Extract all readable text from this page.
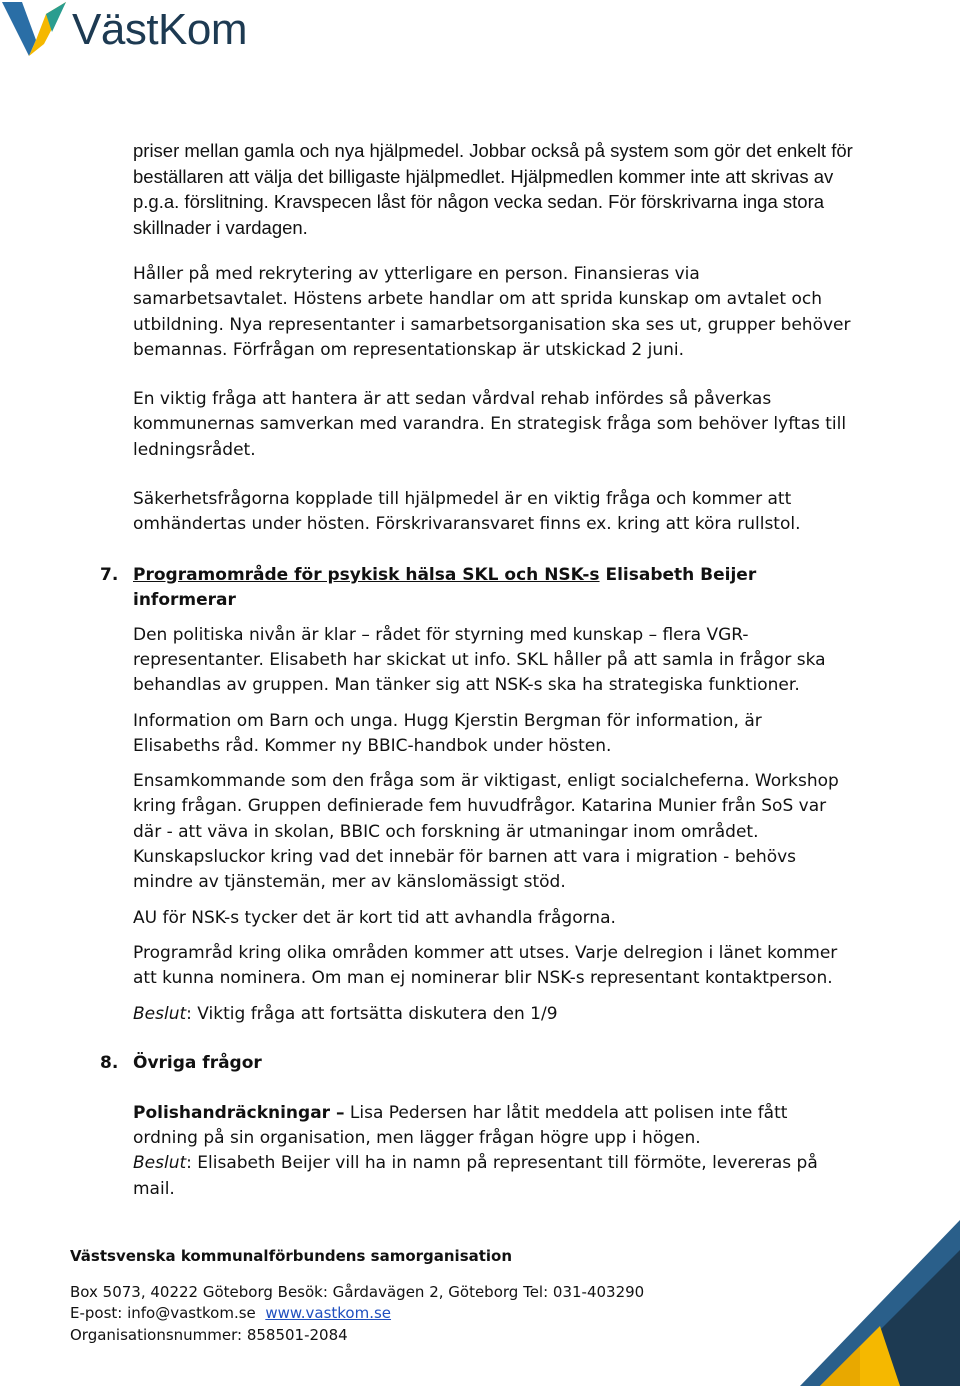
VästKom

priser mellan gamla och nya hjälpmedel. Jobbar också på system som gör det enkelt för beställaren att välja det billigaste hjälpmedlet. Hjälpmedlen kommer inte att skrivas av p.g.a. förslitning. Kravspecen låst för någon vecka sedan. För förskrivarna inga stora skillnader i vardagen.

Håller på med rekrytering av ytterligare en person. Finansieras via samarbetsavtalet. Höstens arbete handlar om att sprida kunskap om avtalet och utbildning. Nya representanter i samarbetsorganisation ska ses ut, grupper behöver bemannas. Förfrågan om representationskap är utskickad 2 juni.

En viktig fråga att hantera är att sedan vårdval rehab infördes så påverkas kommunernas samverkan med varandra. En strategisk fråga som behöver lyftas till ledningsrådet.

Säkerhetsfrågorna kopplade till hjälpmedel är en viktig fråga och kommer att omhändertas under hösten. Förskrivaransvaret finns ex. kring att köra rullstol.

7. Programområde för psykisk hälsa SKL och NSK-s Elisabeth Beijer informerar

Den politiska nivån är klar – rådet för styrning med kunskap – flera VGR-representanter. Elisabeth har skickat ut info. SKL håller på att samla in frågor ska behandlas av gruppen. Man tänker sig att NSK-s ska ha strategiska funktioner.

Information om Barn och unga. Hugg Kjerstin Bergman för information, är Elisabeths råd. Kommer ny BBIC-handbok under hösten.

Ensamkommande som den fråga som är viktigast, enligt socialcheferna. Workshop kring frågan. Gruppen definierade fem huvudfrågor. Katarina Munier från SoS var där - att väva in skolan, BBIC och forskning är utmaningar inom området. Kunskapsluckor kring vad det innebär för barnen att vara i migration - behövs mindre av tjänstemän, mer av känslomässigt stöd.

AU för NSK-s tycker det är kort tid att avhandla frågorna.

Programråd kring olika områden kommer att utses. Varje delregion i länet kommer att kunna nominera. Om man ej nominerar blir NSK-s representant kontaktperson.

Beslut: Viktig fråga att fortsätta diskutera den 1/9

8. Övriga frågor

Polishandräckningar – Lisa Pedersen har låtit meddela att polisen inte fått ordning på sin organisation, men lägger frågan högre upp i högen.

Beslut: Elisabeth Beijer vill ha in namn på representant till förmöte, levereras på mail.

Västsvenska kommunalförbundens samorganisation
Box 5073, 40222 Göteborg Besök: Gårdavägen 2, Göteborg Tel: 031-403290
E-post: info@vastkom.se www.vastkom.se
Organisationsnummer: 858501-2084
